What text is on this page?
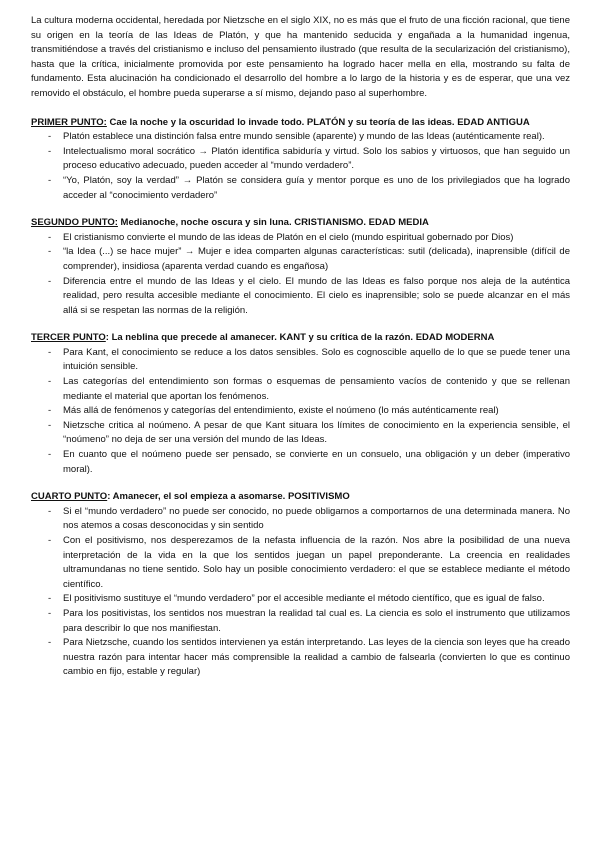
La cultura moderna occidental, heredada por Nietzsche en el siglo XIX, no es más que el fruto de una ficción racional, que tiene su origen en la teoría de las Ideas de Platón, y que ha mantenido seducida y engañada a la humanidad ingenua, transmitiéndose a través del cristianismo e incluso del pensamiento ilustrado (que resulta de la secularización del cristianismo), hasta que la crítica, inicialmente promovida por este pensamiento ha logrado hacer mella en ella, mostrando su falta de fundamento. Esta alucinación ha condicionado el desarrollo del hombre a lo largo de la historia y es de esperar, que una vez removido el obstáculo, el hombre pueda superarse a sí mismo, dejando paso al superhombre.

PRIMER PUNTO: Cae la noche y la oscuridad lo invade todo. PLATÓN y su teoría de las ideas. EDAD ANTIGUA

- Platón establece una distinción falsa entre mundo sensible (aparente) y mundo de las Ideas (auténticamente real).
- Intelectualismo moral socrático → Platón identifica sabiduría y virtud. Solo los sabios y virtuosos, que han seguido un proceso educativo adecuado, pueden acceder al “mundo verdadero”.
- “Yo, Platón, soy la verdad” → Platón se considera guía y mentor porque es uno de los privilegiados que ha logrado acceder al “conocimiento verdadero”

SEGUNDO PUNTO: Medianoche, noche oscura y sin luna. CRISTIANISMO. EDAD MEDIA

- El cristianismo convierte el mundo de las ideas de Platón en el cielo (mundo espiritual gobernado por Dios)
- “la Idea (...) se hace mujer” → Mujer e idea comparten algunas características: sutil (delicada), inaprensible (difícil de comprender), insidiosa (aparenta verdad cuando es engañosa)
- Diferencia entre el mundo de las Ideas y el cielo. El mundo de las Ideas es falso porque nos aleja de la auténtica realidad, pero resulta accesible mediante el conocimiento. El cielo es inaprensible; solo se puede alcanzar en el más allá si se respetan las normas de la religión.

TERCER PUNTO: La neblina que precede al amanecer. KANT y su crítica de la razón. EDAD MODERNA

- Para Kant, el conocimiento se reduce a los datos sensibles. Solo es cognoscible aquello de lo que se puede tener una intuición sensible.
- Las categorías del entendimiento son formas o esquemas de pensamiento vacíos de contenido y que se rellenan mediante el material que aportan los fenómenos.
- Más allá de fenómenos y categorías del entendimiento, existe el noúmeno (lo más auténticamente real)
- Nietzsche critica al noúmeno. A pesar de que Kant situara los límites de conocimiento en la experiencia sensible, el “noúmeno” no deja de ser una versión del mundo de las Ideas.
- En cuanto que el noúmeno puede ser pensado, se convierte en un consuelo, una obligación y un deber (imperativo moral).

CUARTO PUNTO: Amanecer, el sol empieza a asomarse. POSITIVISMO

- Si el “mundo verdadero” no puede ser conocido, no puede obligarnos a comportarnos de una determinada manera. No nos atemos a cosas desconocidas y sin sentido
- Con el positivismo, nos desperezamos de la nefasta influencia de la razón. Nos abre la posibilidad de una nueva interpretación de la vida en la que los sentidos juegan un papel preponderante. La creencia en realidades ultramundanas no tiene sentido. Solo hay un posible conocimiento verdadero: el que se establece mediante el método científico.
- El positivismo sustituye el “mundo verdadero” por el accesible mediante el método científico, que es igual de falso.
- Para los positivistas, los sentidos nos muestran la realidad tal cual es. La ciencia es solo el instrumento que utilizamos para describir lo que nos manifiestan.
- Para Nietzsche, cuando los sentidos intervienen ya están interpretando. Las leyes de la ciencia son leyes que ha creado nuestra razón para intentar hacer más comprensible la realidad a cambio de falsearla (convierten lo que es continuo cambio en fijo, estable y regular)
